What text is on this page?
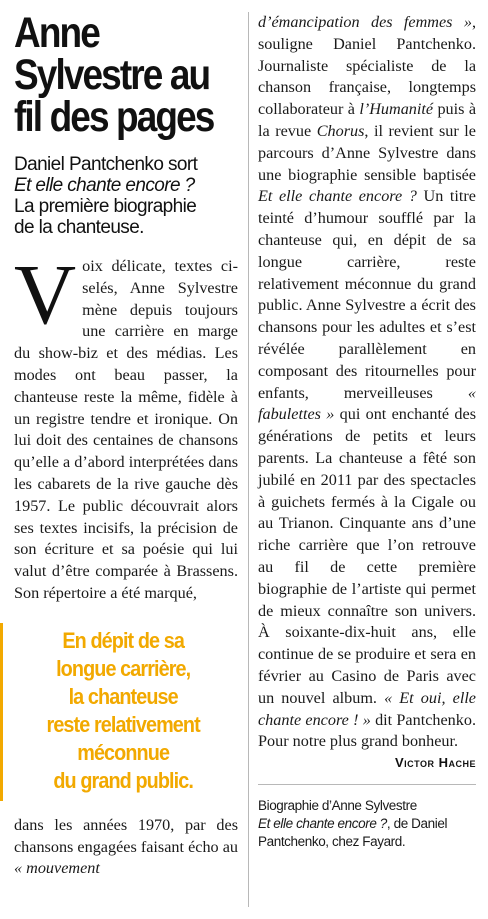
Anne Sylvestre au fil des pages
Daniel Pantchenko sort
Et elle chante encore ?
La première biographie
de la chanteuse.

Voix délicate, textes ci-selés, Anne Sylvestre mène depuis toujours une carrière en marge du show-biz et des médias. Les modes ont beau passer, la chanteuse reste la même, fidèle à un registre tendre et ironique. On lui doit des centaines de chansons qu’elle a d’abord interprétées dans les cabarets de la rive gauche dès 1957. Le public découvrait alors ses textes incisifs, la précision de son écriture et sa poésie qui lui valut d’être comparée à Brassens. Son répertoire a été marqué,

En dépit de sa
longue carrière,
la chanteuse
reste relativement
méconnue
du grand public.

dans les années 1970, par des chansons engagées faisant écho au « mouvement

d’émancipation des femmes », souligne Daniel Pantchenko. Journaliste spécialiste de la chanson française, longtemps collaborateur à l’Humanité puis à la revue Chorus, il revient sur le parcours d’Anne Sylvestre dans une biographie sensible baptisée Et elle chante encore ? Un titre teinté d’humour soufflé par la chanteuse qui, en dépit de sa longue carrière, reste relativement méconnue du grand public. Anne Sylvestre a écrit des chansons pour les adultes et s’est révélée parallèlement en composant des ritournelles pour enfants, merveilleuses « fabulettes » qui ont enchanté des générations de petits et leurs parents. La chanteuse a fêté son jubilé en 2011 par des spectacles à guichets fermés à la Cigale ou au Trianon. Cinquante ans d’une riche carrière que l’on retrouve au fil de cette première biographie de l’artiste qui permet de mieux connaître son univers. À soixante-dix-huit ans, elle continue de se produire et sera en février au Casino de Paris avec un nouvel album. « Et oui, elle chante encore ! » dit Pantchenko. Pour notre plus grand bonheur.

Victor Hache
Biographie d’Anne Sylvestre
Et elle chante encore ?, de Daniel
Pantchenko, chez Fayard.
